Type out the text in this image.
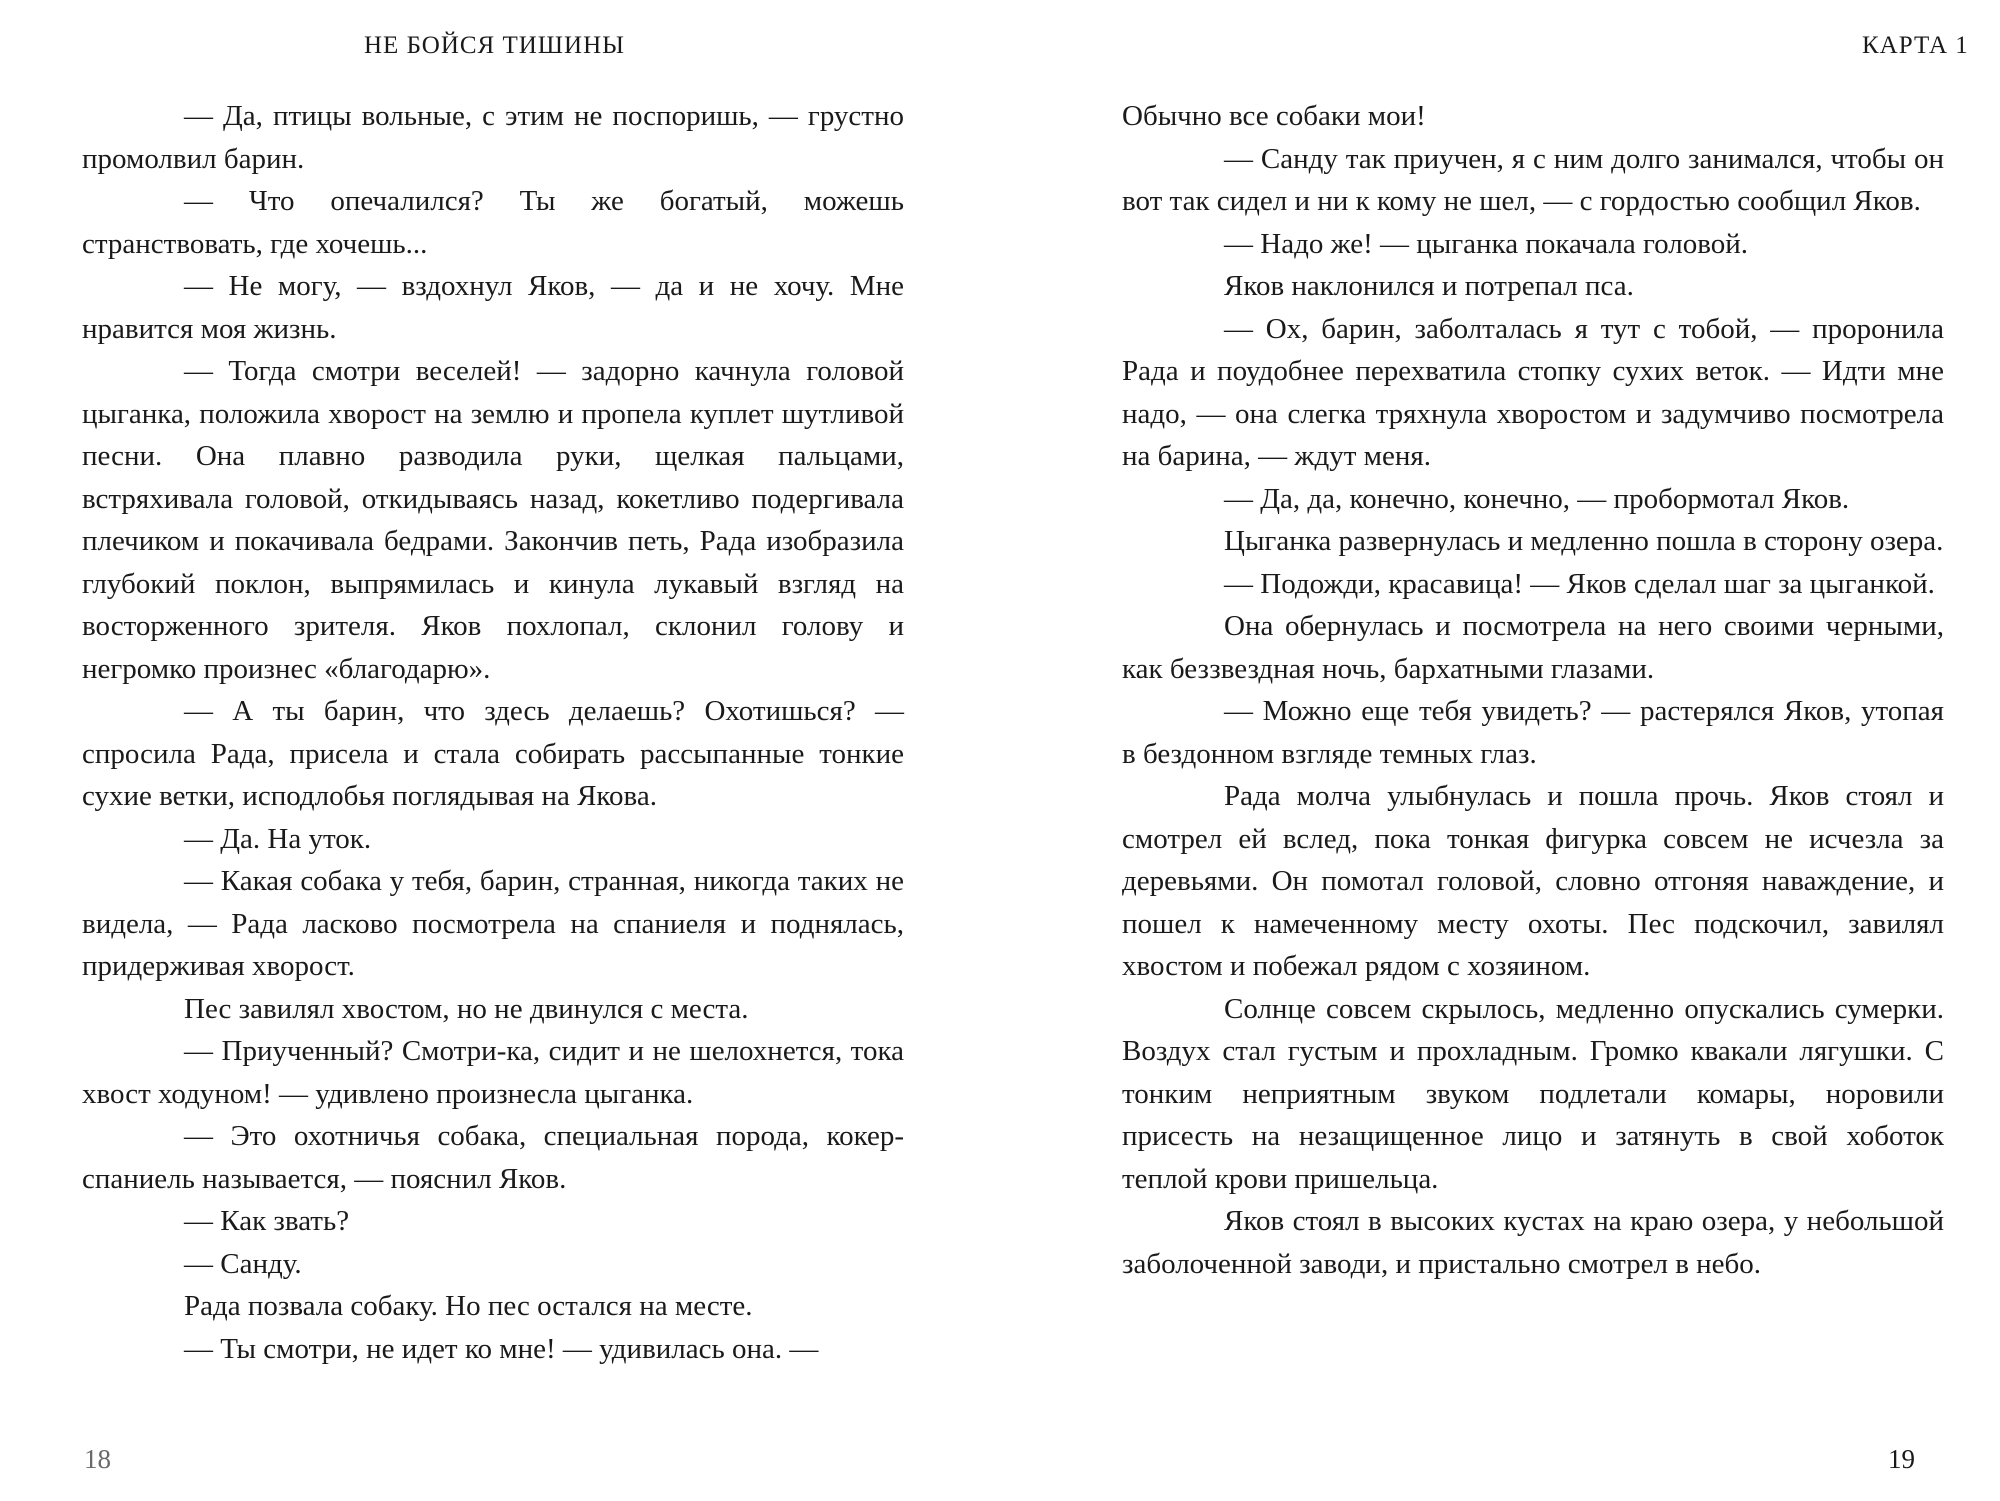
НЕ БОЙСЯ ТИШИНЫ

— Да, птицы вольные, с этим не поспоришь, — грустно промолвил барин.

— Что опечалился? Ты же богатый, можешь странствовать, где хочешь...

— Не могу, — вздохнул Яков, — да и не хочу. Мне нравится моя жизнь.

— Тогда смотри веселей! — задорно качнула головой цыганка, положила хворост на землю и пропела куплет шутливой песни. Она плавно разводила руки, щелкая пальцами, встряхивала головой, откидываясь назад, кокетливо подергивала плечиком и покачивала бедрами. Закончив петь, Рада изобразила глубокий поклон, выпрямилась и кинула лукавый взгляд на восторженного зрителя. Яков похлопал, склонил голову и негромко произнес «благодарю».

— А ты барин, что здесь делаешь? Охотишься? — спросила Рада, присела и стала собирать рассыпанные тонкие сухие ветки, исподлобья поглядывая на Якова.

— Да. На уток.

— Какая собака у тебя, барин, странная, никогда таких не видела, — Рада ласково посмотрела на спаниеля и поднялась, придерживая хворост.

Пес завилял хвостом, но не двинулся с места.

— Приученный? Смотри-ка, сидит и не шелохнется, тока хвост ходуном! — удивлено произнесла цыганка.

— Это охотничья собака, специальная порода, кокер-спаниель называется, — пояснил Яков.

— Как звать?

— Санду.

Рада позвала собаку. Но пес остался на месте.

— Ты смотри, не идет ко мне! — удивилась она. —

18
КАРТА 1

Обычно все собаки мои!

— Санду так приучен, я с ним долго занимался, чтобы он вот так сидел и ни к кому не шел, — с гордостью сообщил Яков.

— Надо же! — цыганка покачала головой.

Яков наклонился и потрепал пса.

— Ох, барин, заболталась я тут с тобой, — проронила Рада и поудобнее перехватила стопку сухих веток. — Идти мне надо, — она слегка тряхнула хворостом и задумчиво посмотрела на барина, — ждут меня.

— Да, да, конечно, конечно, — пробормотал Яков.

Цыганка развернулась и медленно пошла в сторону озера.

— Подожди, красавица! — Яков сделал шаг за цыганкой.

Она обернулась и посмотрела на него своими черными, как беззвездная ночь, бархатными глазами.

— Можно еще тебя увидеть? — растерялся Яков, утопая в бездонном взгляде темных глаз.

Рада молча улыбнулась и пошла прочь. Яков стоял и смотрел ей вслед, пока тонкая фигурка совсем не исчезла за деревьями. Он помотал головой, словно отгоняя наваждение, и пошел к намеченному месту охоты. Пес подскочил, завилял хвостом и побежал рядом с хозяином.

Солнце совсем скрылось, медленно опускались сумерки. Воздух стал густым и прохладным. Громко квакали лягушки. С тонким неприятным звуком подлетали комары, норовили присесть на незащищенное лицо и затянуть в свой хоботок теплой крови пришельца.

Яков стоял в высоких кустах на краю озера, у небольшой заболоченной заводи, и пристально смотрел в небо.

19
